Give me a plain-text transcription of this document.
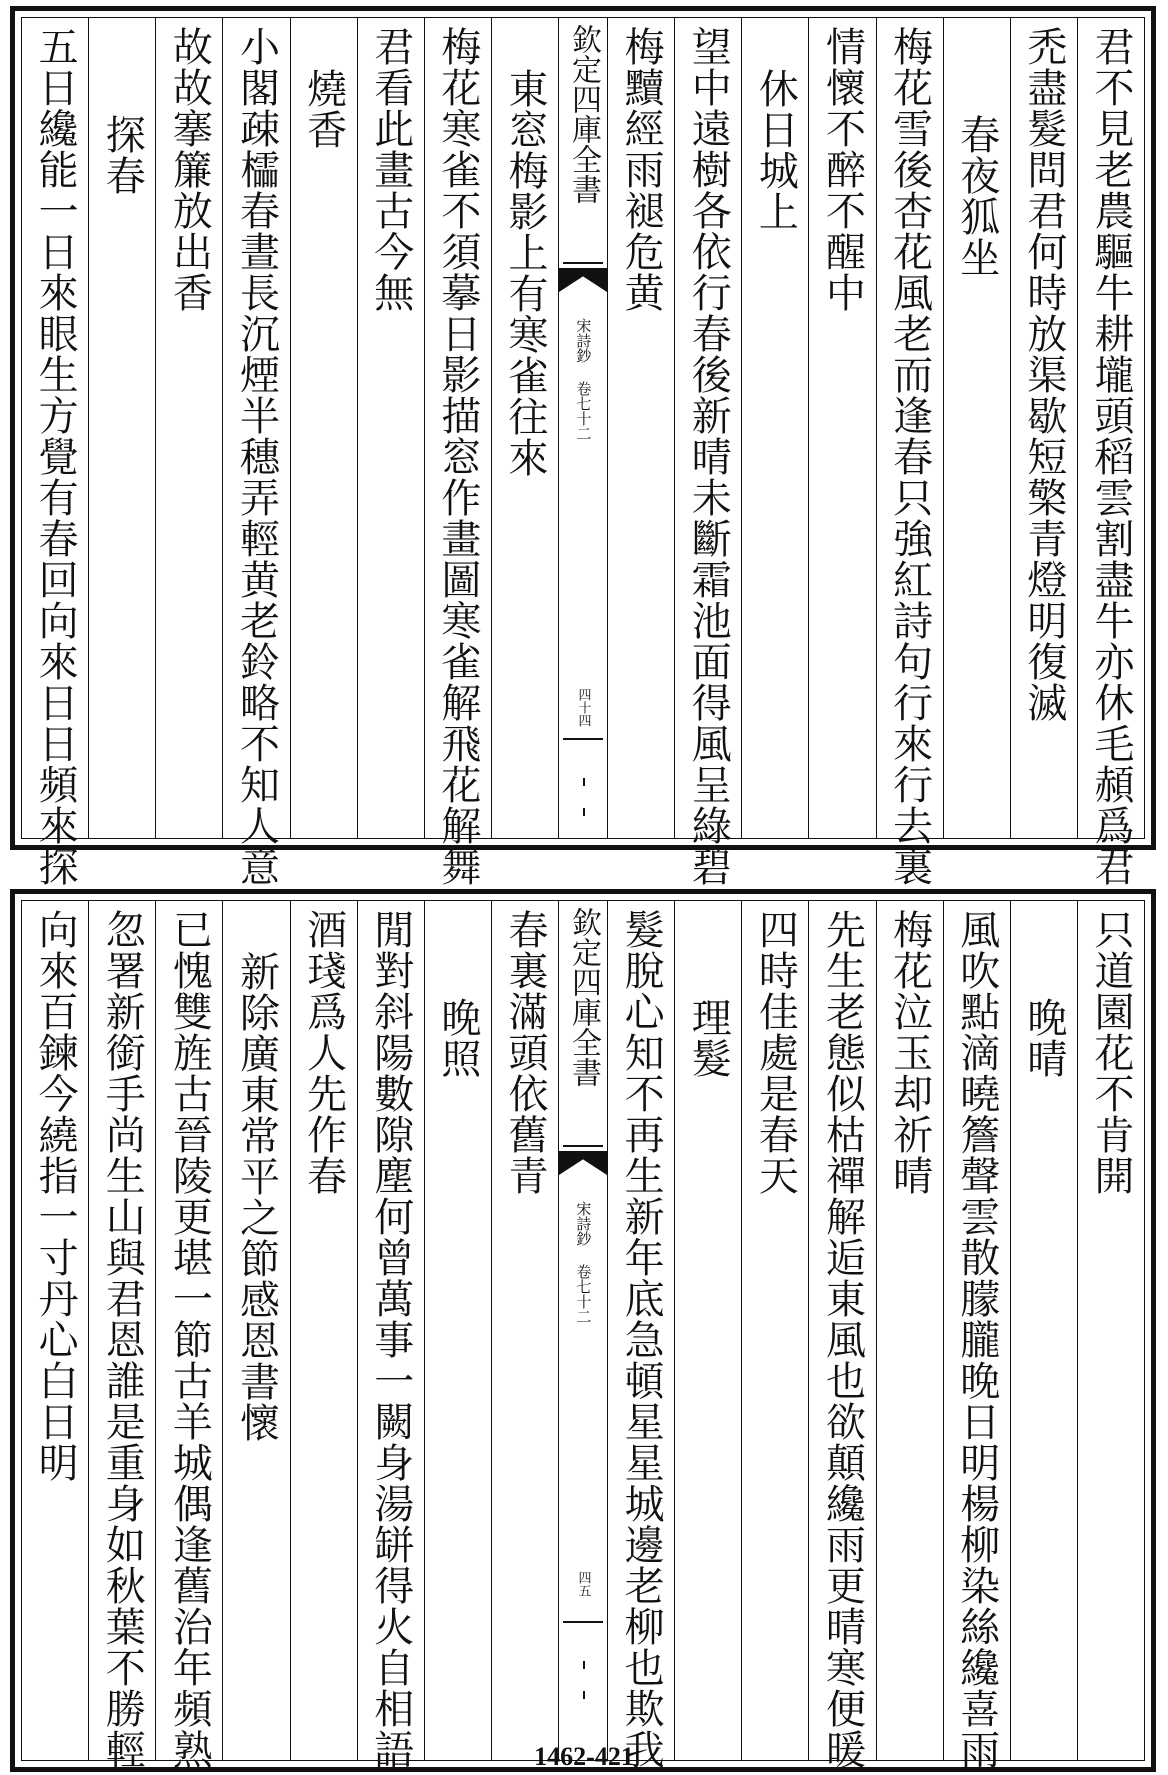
君不見老農驅牛耕壠頭稻雲割盡牛亦休毛頳爲君
禿盡髮問君何時放渠歇短檠青燈明復滅
春夜狐坐
梅花雪後杏花風老而逢春只強紅詩句行來行去裏
情懷不醉不醒中
休日城上
望中遠樹各依行春後新晴未斷霜池面得風呈綠碧
梅黷經雨褪危黄
欽定四庫全書
宋詩鈔 卷七十二
四十四
東窓梅影上有寒雀往來
梅花寒雀不須摹日影描窓作畫圖寒雀解飛花解舞
君看此畫古今無
燒香
小閣疎櫺春晝長沉煙半穗弄輕黄老鈴略不知人意
故故搴簾放出香
探春
五日纔能一日來眼生方覺有春回向來日日頻來探
只道園花不肯開
晚晴
風吹點滴曉簷聲雲散朦朧晚日明楊柳染絲纔喜雨
梅花泣玉却祈晴
先生老態似枯禪解逅東風也欲顛纔雨更晴寒便暖
四時佳處是春天
理髮
髮脫心知不再生新年底急頓星星城邊老柳也欺我
欽定四庫全書
宋詩鈔 卷七十二
四五
春裏滿頭依舊青
晚照
閒對斜陽數隙塵何曾萬事一闕身湯缾得火自相語
酒琖爲人先作春
新除廣東常平之節感恩書懷
已愧雙旌古晉陵更堪一節古羊城偶逢舊治年頻熟
忽署新銜手尚生山與君恩誰是重身如秋葉不勝輕
向來百鍊今繞指一寸丹心白日明
1462-421
